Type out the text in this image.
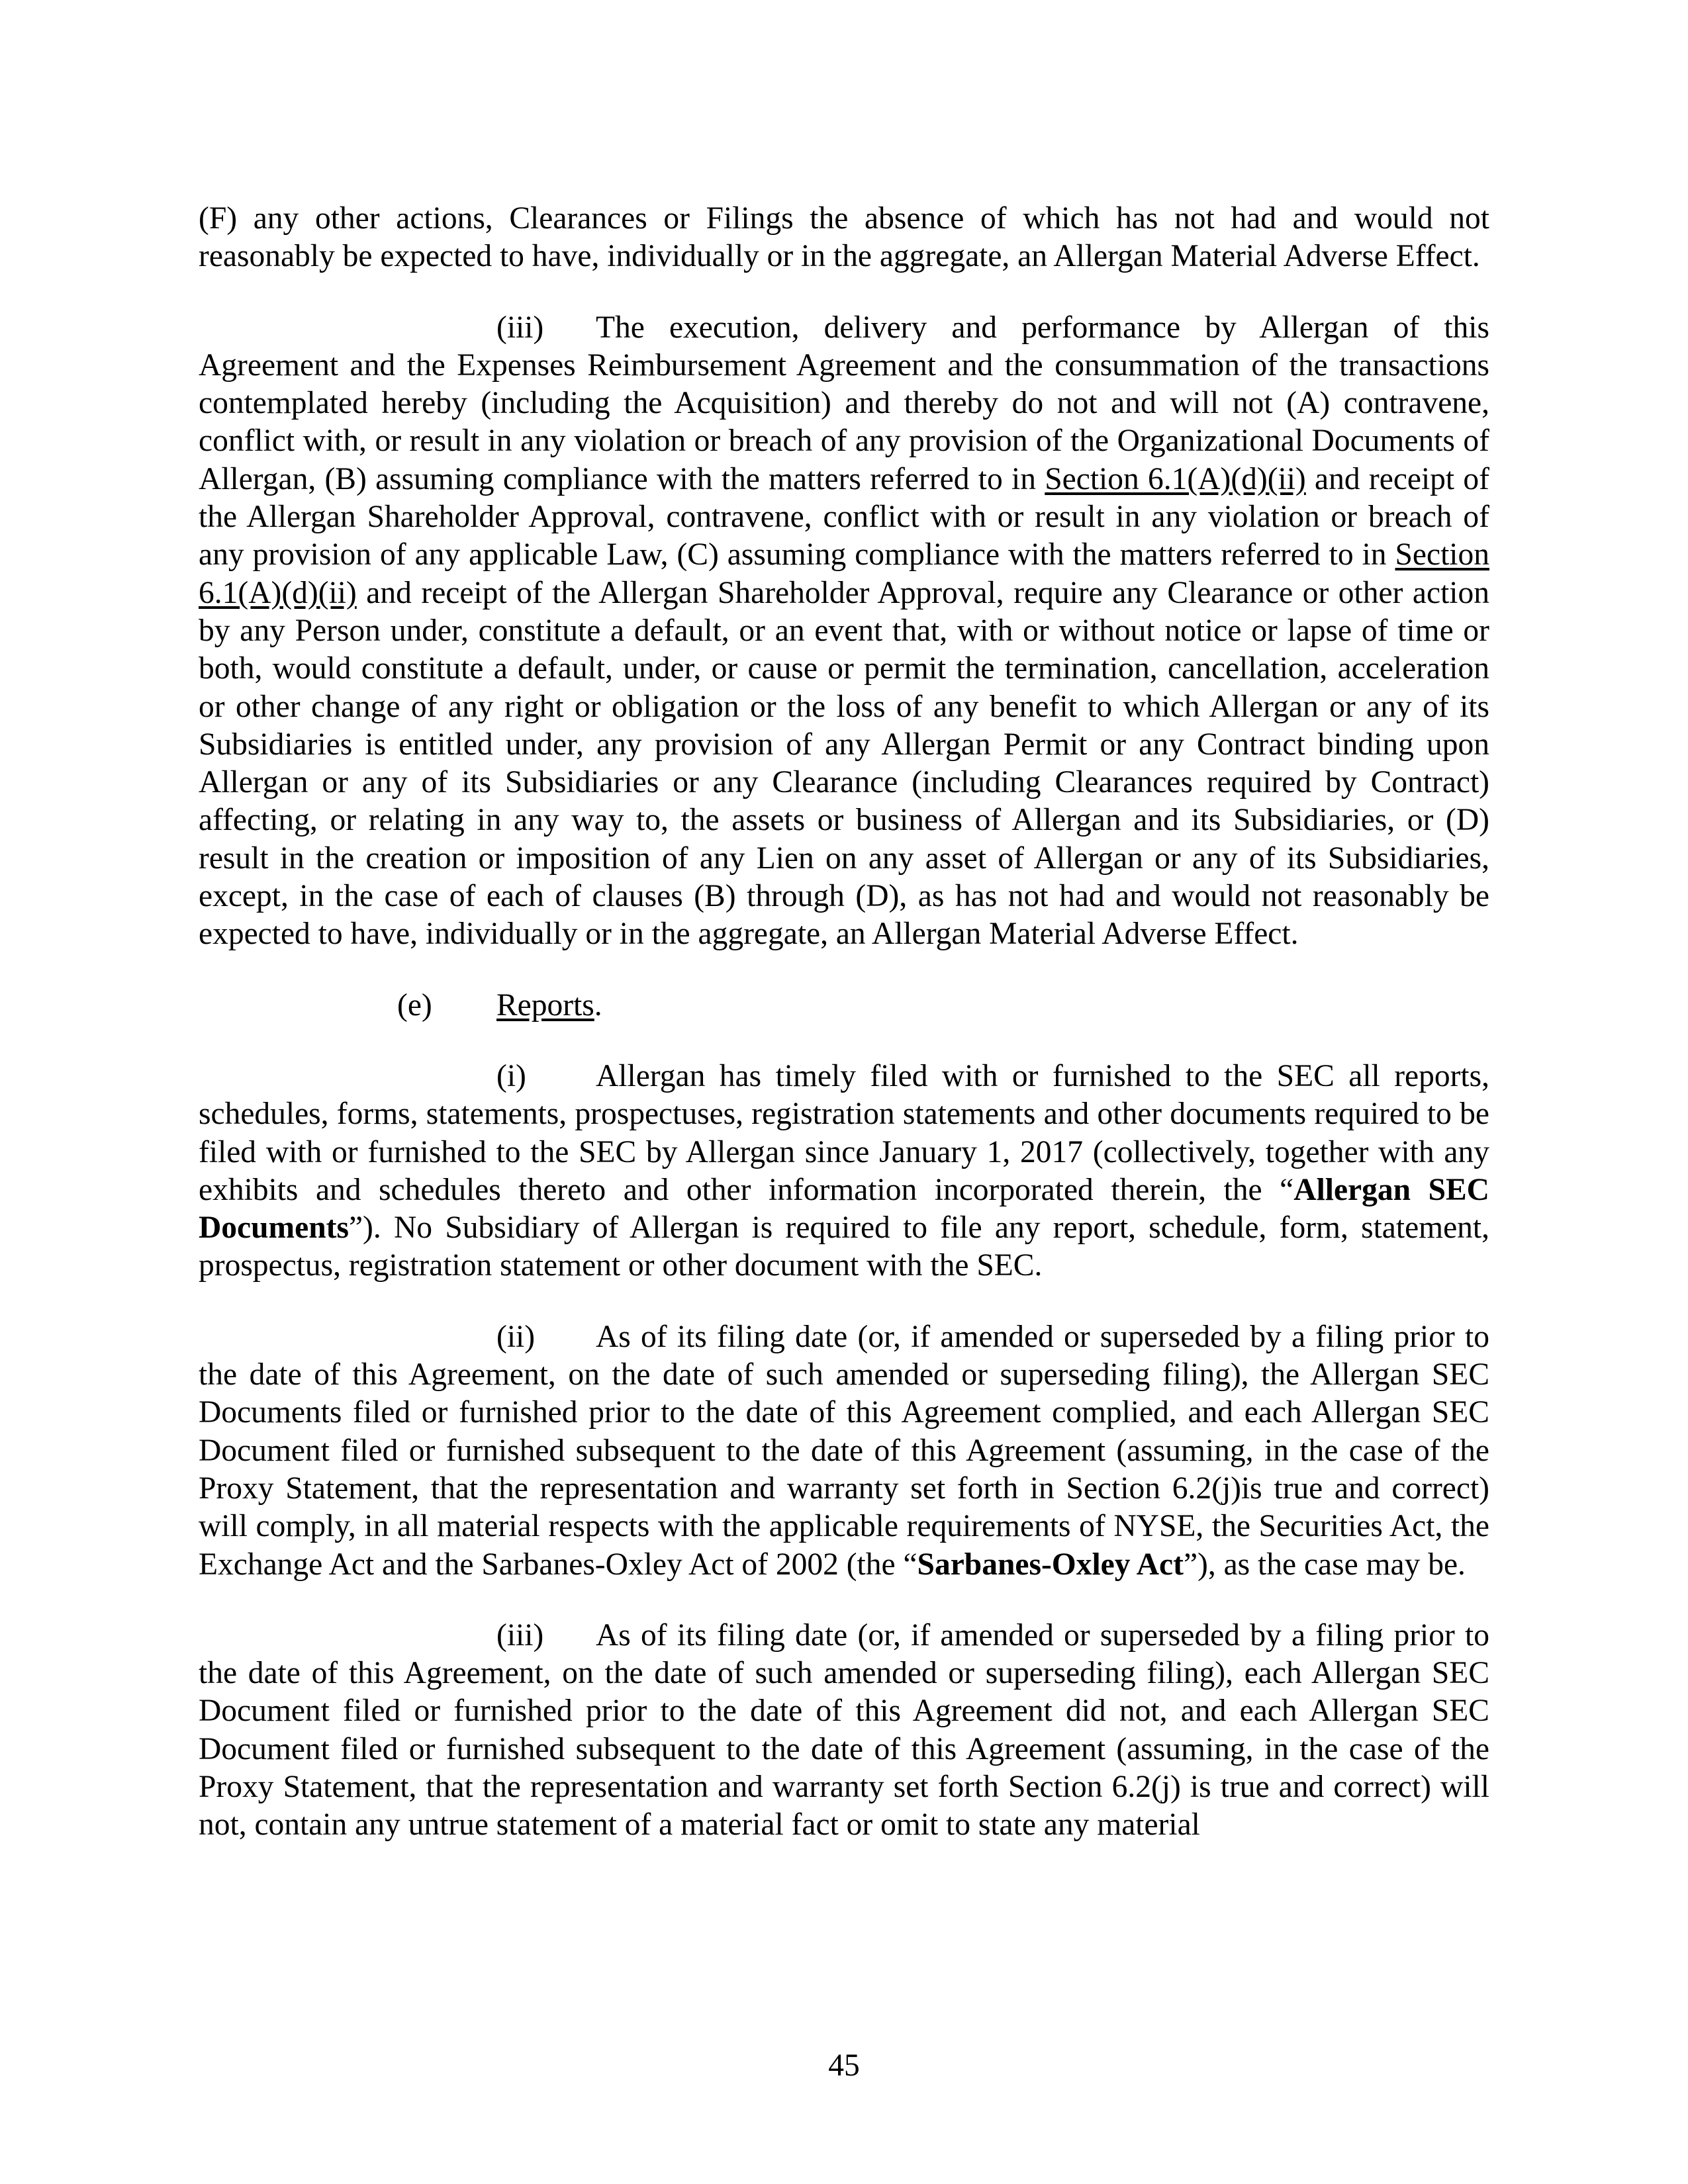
(F) any other actions, Clearances or Filings the absence of which has not had and would not reasonably be expected to have, individually or in the aggregate, an Allergan Material Adverse Effect.

(iii) The execution, delivery and performance by Allergan of this Agreement and the Expenses Reimbursement Agreement and the consummation of the transactions contemplated hereby (including the Acquisition) and thereby do not and will not (A) contravene, conflict with, or result in any violation or breach of any provision of the Organizational Documents of Allergan, (B) assuming compliance with the matters referred to in Section 6.1(A)(d)(ii) and receipt of the Allergan Shareholder Approval, contravene, conflict with or result in any violation or breach of any provision of any applicable Law, (C) assuming compliance with the matters referred to in Section 6.1(A)(d)(ii) and receipt of the Allergan Shareholder Approval, require any Clearance or other action by any Person under, constitute a default, or an event that, with or without notice or lapse of time or both, would constitute a default, under, or cause or permit the termination, cancellation, acceleration or other change of any right or obligation or the loss of any benefit to which Allergan or any of its Subsidiaries is entitled under, any provision of any Allergan Permit or any Contract binding upon Allergan or any of its Subsidiaries or any Clearance (including Clearances required by Contract) affecting, or relating in any way to, the assets or business of Allergan and its Subsidiaries, or (D) result in the creation or imposition of any Lien on any asset of Allergan or any of its Subsidiaries, except, in the case of each of clauses (B) through (D), as has not had and would not reasonably be expected to have, individually or in the aggregate, an Allergan Material Adverse Effect.

(e) Reports.

(i) Allergan has timely filed with or furnished to the SEC all reports, schedules, forms, statements, prospectuses, registration statements and other documents required to be filed with or furnished to the SEC by Allergan since January 1, 2017 (collectively, together with any exhibits and schedules thereto and other information incorporated therein, the “Allergan SEC Documents”). No Subsidiary of Allergan is required to file any report, schedule, form, statement, prospectus, registration statement or other document with the SEC.

(ii) As of its filing date (or, if amended or superseded by a filing prior to the date of this Agreement, on the date of such amended or superseding filing), the Allergan SEC Documents filed or furnished prior to the date of this Agreement complied, and each Allergan SEC Document filed or furnished subsequent to the date of this Agreement (assuming, in the case of the Proxy Statement, that the representation and warranty set forth in Section 6.2(j)is true and correct) will comply, in all material respects with the applicable requirements of NYSE, the Securities Act, the Exchange Act and the Sarbanes-Oxley Act of 2002 (the “Sarbanes-Oxley Act”), as the case may be.

(iii) As of its filing date (or, if amended or superseded by a filing prior to the date of this Agreement, on the date of such amended or superseding filing), each Allergan SEC Document filed or furnished prior to the date of this Agreement did not, and each Allergan SEC Document filed or furnished subsequent to the date of this Agreement (assuming, in the case of the Proxy Statement, that the representation and warranty set forth Section 6.2(j) is true and correct) will not, contain any untrue statement of a material fact or omit to state any material

45
